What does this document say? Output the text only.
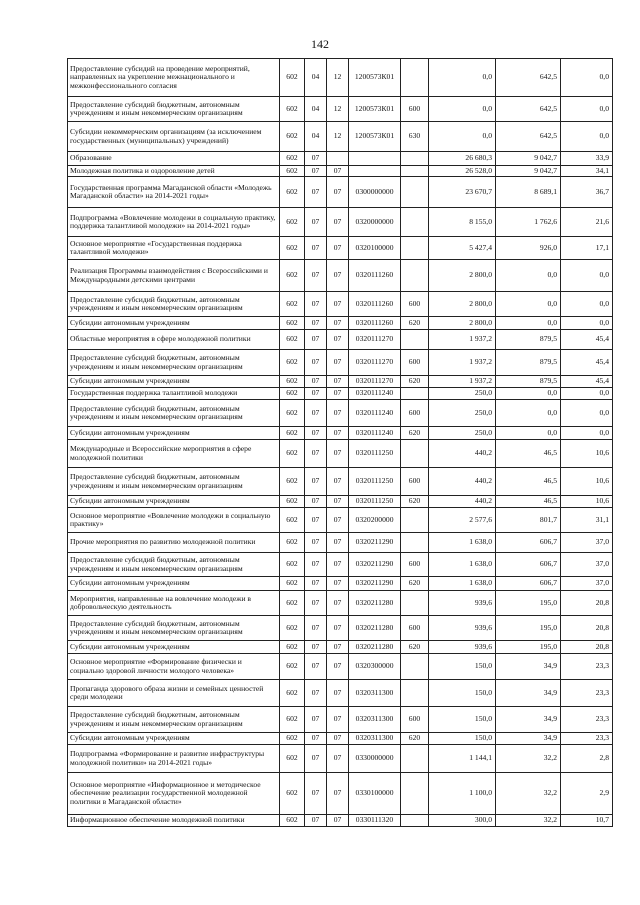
142
Предоставление субсидий на проведение мероприятий, направленных на укрепление межнационального и межконфессионального согласия	602	04	12	1200573К01		0,0	642,5	0,0
Предоставление субсидий бюджетным, автономным учреждениям и иным некоммерческим организациям	602	04	12	1200573К01	600	0,0	642,5	0,0
Субсидии некоммерческим организациям (за исключением государственных (муниципальных) учреждений)	602	04	12	1200573К01	630	0,0	642,5	0,0
Образование	602	07				26 680,3	9 042,7	33,9
Молодежная политика и оздоровление детей	602	07	07			26 528,0	9 042,7	34,1
Государственная программа Магаданской области «Молодежь Магаданской области» на 2014-2021 годы»	602	07	07	0300000000		23 670,7	8 689,1	36,7
Подпрограмма «Вовлечение молодежи в социальную практику, поддержка талантливой молодежи» на 2014-2021 годы»	602	07	07	0320000000		8 155,0	1 762,6	21,6
Основное мероприятие «Государственная поддержка талантливой молодежи»	602	07	07	0320100000		5 427,4	926,0	17,1
Реализация Программы взаимодействия с Всероссийскими и Международными детскими центрами	602	07	07	0320111260		2 800,0	0,0	0,0
Предоставление субсидий бюджетным, автономным учреждениям и иным некоммерческим организациям	602	07	07	0320111260	600	2 800,0	0,0	0,0
Субсидии автономным учреждениям	602	07	07	0320111260	620	2 800,0	0,0	0,0
Областные мероприятия в сфере молодежной политики	602	07	07	0320111270		1 937,2	879,5	45,4
Предоставление субсидий бюджетным, автономным учреждениям и иным некоммерческим организациям	602	07	07	0320111270	600	1 937,2	879,5	45,4
Субсидии автономным учреждениям	602	07	07	0320111270	620	1 937,2	879,5	45,4
Государственная поддержка талантливой молодежи	602	07	07	0320111240		250,0	0,0	0,0
Предоставление субсидий бюджетным, автономным учреждениям и иным некоммерческим организациям	602	07	07	0320111240	600	250,0	0,0	0,0
Субсидии автономным учреждениям	602	07	07	0320111240	620	250,0	0,0	0,0
Международные и Всероссийские мероприятия в сфере молодежной политики	602	07	07	0320111250		440,2	46,5	10,6
Предоставление субсидий бюджетным, автономным учреждениям и иным некоммерческим организациям	602	07	07	0320111250	600	440,2	46,5	10,6
Субсидии автономным учреждениям	602	07	07	0320111250	620	440,2	46,5	10,6
Основное мероприятие «Вовлечение молодежи в социальную практику»	602	07	07	0320200000		2 577,6	801,7	31,1
Прочие мероприятия по развитию молодежной политики	602	07	07	0320211290		1 638,0	606,7	37,0
Предоставление субсидий бюджетным, автономным учреждениям и иным некоммерческим организациям	602	07	07	0320211290	600	1 638,0	606,7	37,0
Субсидии автономным учреждениям	602	07	07	0320211290	620	1 638,0	606,7	37,0
Мероприятия, направленные на вовлечение молодежи в добровольческую деятельность	602	07	07	0320211280		939,6	195,0	20,8
Предоставление субсидий бюджетным, автономным учреждениям и иным некоммерческим организациям	602	07	07	0320211280	600	939,6	195,0	20,8
Субсидии автономным учреждениям	602	07	07	0320211280	620	939,6	195,0	20,8
Основное мероприятие «Формирование физически и социально здоровой личности молодого человека»	602	07	07	0320300000		150,0	34,9	23,3
Пропаганда здорового образа жизни и семейных ценностей среди молодежи	602	07	07	0320311300		150,0	34,9	23,3
Предоставление субсидий бюджетным, автономным учреждениям и иным некоммерческим организациям	602	07	07	0320311300	600	150,0	34,9	23,3
Субсидии автономным учреждениям	602	07	07	0320311300	620	150,0	34,9	23,3
Подпрограмма «Формирование и развитие инфраструктуры молодежной политики» на 2014-2021 годы»	602	07	07	0330000000		1 144,1	32,2	2,8
Основное мероприятие «Информационное и методическое обеспечение реализации государственной молодежной политики в Магаданской области»	602	07	07	0330100000		1 100,0	32,2	2,9
Информационное обеспечение молодежной политики	602	07	07	0330111320		300,0	32,2	10,7
